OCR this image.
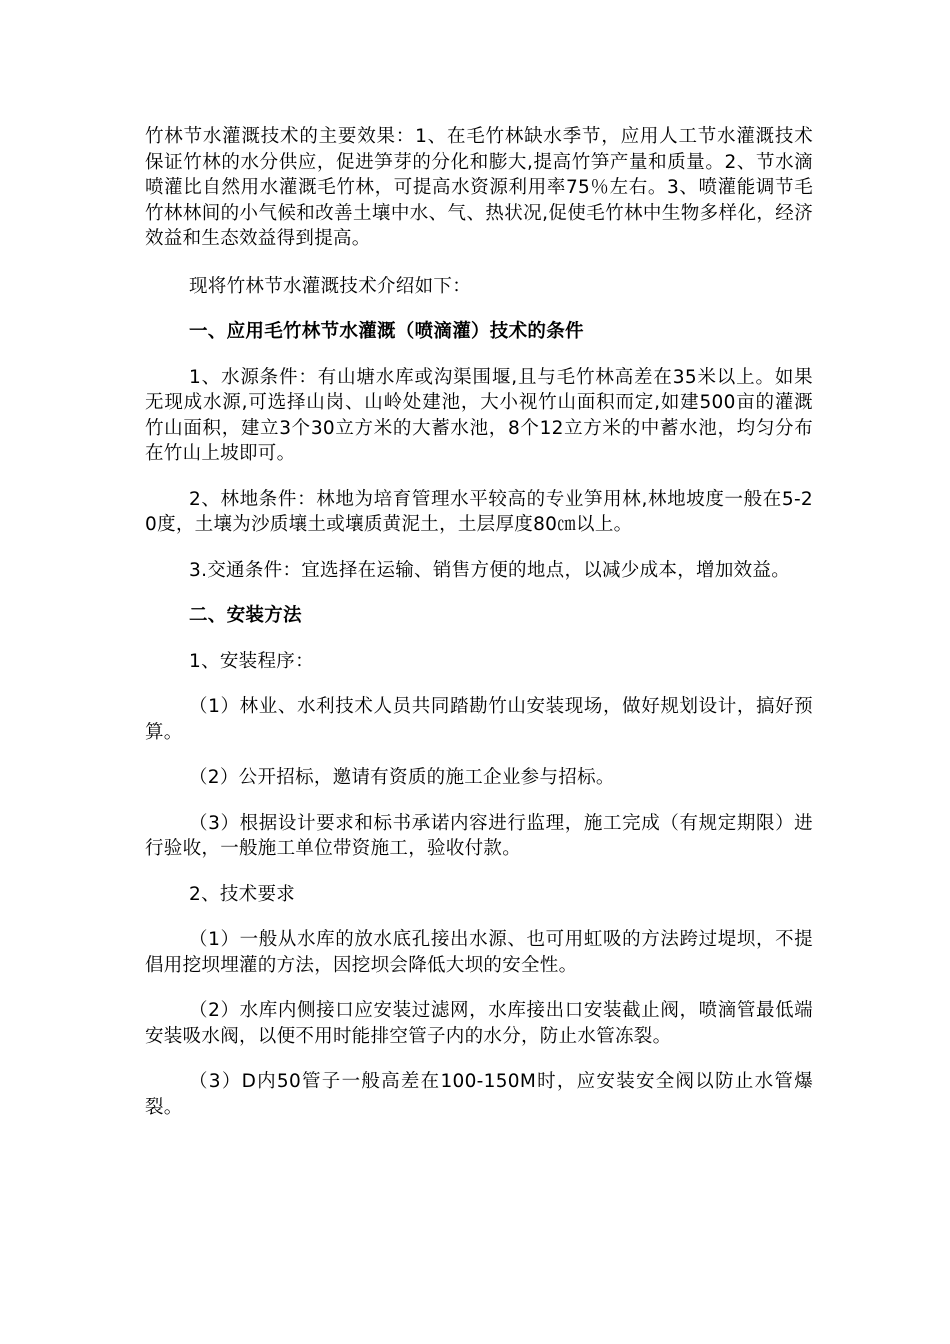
竹林节水灌溉技术的主要效果：1、在毛竹林缺水季节，应用人工节水灌溉技术保证竹林的水分供应，促进笋芽的分化和膨大,提高竹笋产量和质量。2、节水滴喷灌比自然用水灌溉毛竹林，可提高水资源利用率75％左右。3、喷灌能调节毛竹林林间的小气候和改善土壤中水、气、热状况,促使毛竹林中生物多样化，经济效益和生态效益得到提高。

现将竹林节水灌溉技术介绍如下：

一、应用毛竹林节水灌溉（喷滴灌）技术的条件

1、水源条件：有山塘水库或沟渠围堰,且与毛竹林高差在35米以上。如果无现成水源,可选择山岗、山岭处建池，大小视竹山面积而定,如建500亩的灌溉竹山面积，建立3个30立方米的大蓄水池，8个12立方米的中蓄水池，均匀分布在竹山上坡即可。

2、林地条件：林地为培育管理水平较高的专业笋用林,林地坡度一般在5-20度，土壤为沙质壤土或壤质黄泥土，土层厚度80㎝以上。

3.交通条件：宜选择在运输、销售方便的地点，以减少成本，增加效益。

二、安装方法

1、安装程序：

（1）林业、水利技术人员共同踏勘竹山安装现场，做好规划设计，搞好预算。

（2）公开招标，邀请有资质的施工企业参与招标。

（3）根据设计要求和标书承诺内容进行监理，施工完成（有规定期限）进行验收，一般施工单位带资施工，验收付款。

2、技术要求

（1）一般从水库的放水底孔接出水源、也可用虹吸的方法跨过堤坝，不提倡用挖坝埋灌的方法，因挖坝会降低大坝的安全性。

（2）水库内侧接口应安装过滤网，水库接出口安装截止阀，喷滴管最低端安装吸水阀，以便不用时能排空管子内的水分，防止水管冻裂。

（3）D内50管子一般高差在100-150M时，应安装安全阀以防止水管爆裂。
